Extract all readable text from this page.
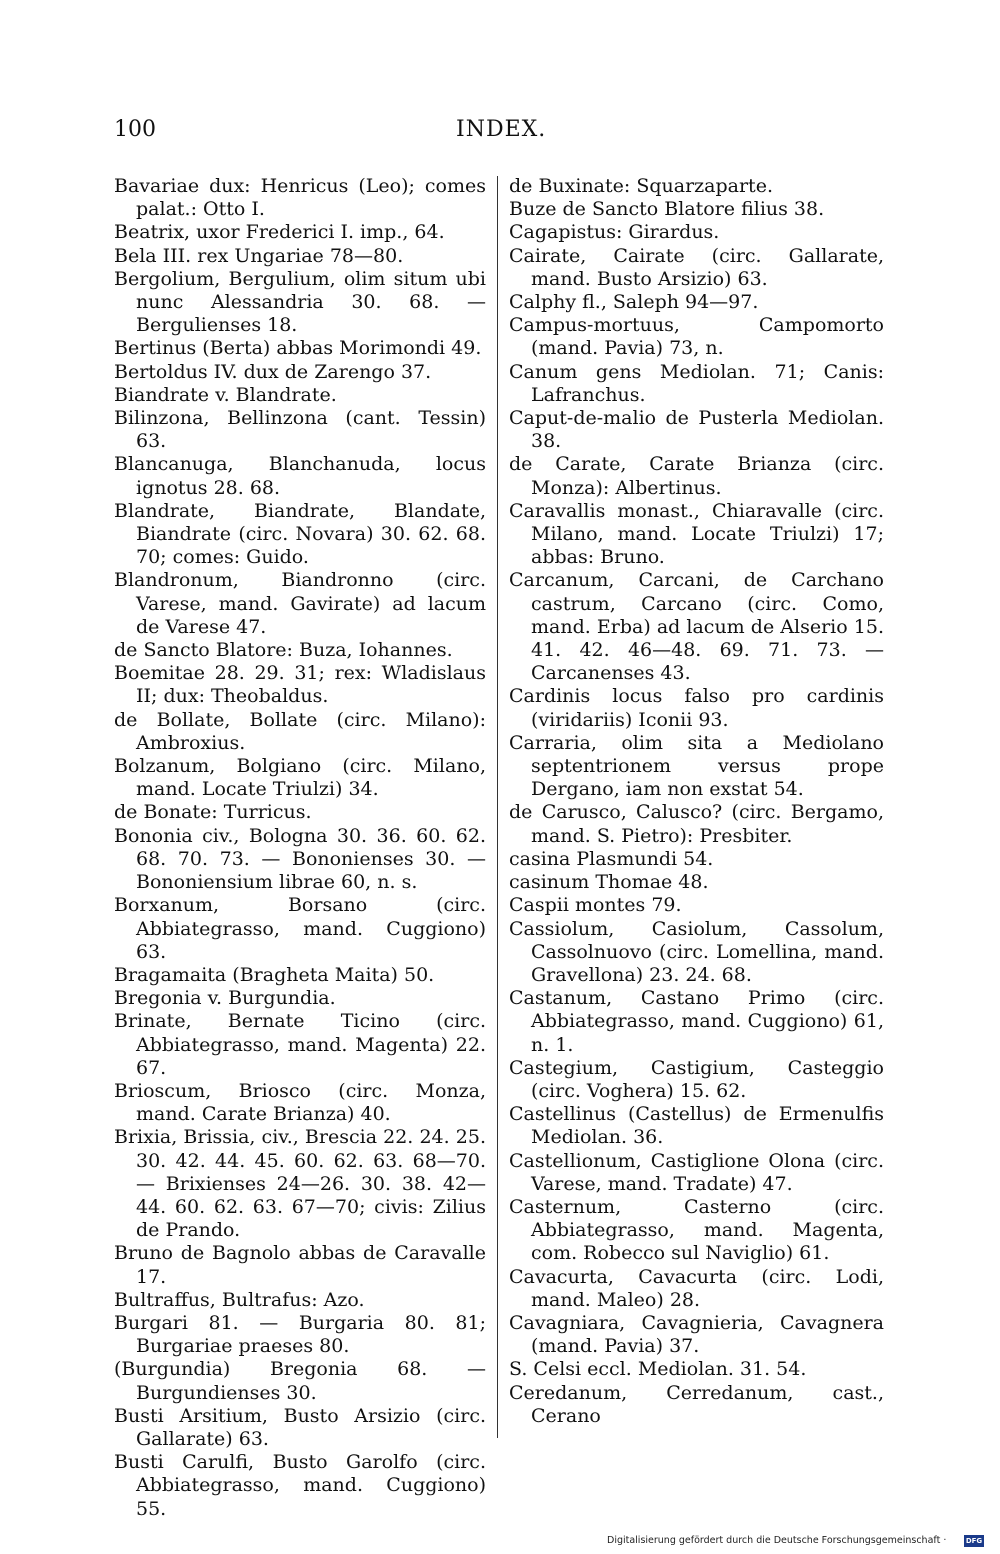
100	INDEX.
Bavariae dux: Henricus (Leo); comes palat.: Otto I.
Beatrix, uxor Frederici I. imp., 64.
Bela III. rex Ungariae 78—80.
Bergolium, Bergulium, olim situm ubi nunc Alessandria 30. 68. — Bergulienses 18.
Bertinus (Berta) abbas Morimondi 49.
Bertoldus IV. dux de Zarengo 37.
Biandrate v. Blandrate.
Bilinzona, Bellinzona (cant. Tessin) 63.
Blancanuga, Blanchanuda, locus ignotus 28. 68.
Blandrate, Biandrate, Blandate, Biandrate (circ. Novara) 30. 62. 68. 70; comes: Guido.
Blandronum, Biandronno (circ. Varese, mand. Gavirate) ad lacum de Varese 47.
de Sancto Blatore: Buza, Iohannes.
Boemitae 28. 29. 31; rex: Wladislaus II; dux: Theobaldus.
de Bollate, Bollate (circ. Milano): Ambroxius.
Bolzanum, Bolgiano (circ. Milano, mand. Locate Triulzi) 34.
de Bonate: Turricus.
Bononia civ., Bologna 30. 36. 60. 62. 68. 70. 73. — Bononienses 30. — Bononiensium librae 60, n. s.
Borxanum, Borsano (circ. Abbiategrasso, mand. Cuggiono) 63.
Bragamaita (Bragheta Maita) 50.
Bregonia v. Burgundia.
Brinate, Bernate Ticino (circ. Abbiategrasso, mand. Magenta) 22. 67.
Brioscum, Briosco (circ. Monza, mand. Carate Brianza) 40.
Brixia, Brissia, civ., Brescia 22. 24. 25. 30. 42. 44. 45. 60. 62. 63. 68—70. — Brixienses 24—26. 30. 38. 42—44. 60. 62. 63. 67—70; civis: Zilius de Prando.
Bruno de Bagnolo abbas de Caravalle 17.
Bultraffus, Bultrafus: Azo.
Burgari 81. — Burgaria 80. 81; Burgariae praeses 80.
(Burgundia) Bregonia 68. — Burgundienses 30.
Busti Arsitium, Busto Arsizio (circ. Gallarate) 63.
Busti Carulfi, Busto Garolfo (circ. Abbiategrasso, mand. Cuggiono) 55.
de Buxinate: Squarzaparte.
Buze de Sancto Blatore filius 38.
Cagapistus: Girardus.
Cairate, Cairate (circ. Gallarate, mand. Busto Arsizio) 63.
Calphy fl., Saleph 94—97.
Campus-mortuus, Campomorto (mand. Pavia) 73, n.
Canum gens Mediolan. 71; Canis: Lafranchus.
Caput-de-malio de Pusterla Mediolan. 38.
de Carate, Carate Brianza (circ. Monza): Albertinus.
Caravallis monast., Chiaravalle (circ. Milano, mand. Locate Triulzi) 17; abbas: Bruno.
Carcanum, Carcani, de Carchano castrum, Carcano (circ. Como, mand. Erba) ad lacum de Alserio 15. 41. 42. 46—48. 69. 71. 73. — Carcanenses 43.
Cardinis locus falso pro cardinis (viridariis) Iconii 93.
Carraria, olim sita a Mediolano septentrionem versus prope Dergano, iam non exstat 54.
de Carusco, Calusco? (circ. Bergamo, mand. S. Pietro): Presbiter.
casina Plasmundi 54.
casinum Thomae 48.
Caspii montes 79.
Cassiolum, Casiolum, Cassolum, Cassolnuovo (circ. Lomellina, mand. Gravellona) 23. 24. 68.
Castanum, Castano Primo (circ. Abbiategrasso, mand. Cuggiono) 61, n. 1.
Castegium, Castigium, Casteggio (circ. Voghera) 15. 62.
Castellinus (Castellus) de Ermenulfis Mediolan. 36.
Castellionum, Castiglione Olona (circ. Varese, mand. Tradate) 47.
Casternum, Casterno (circ. Abbiategrasso, mand. Magenta, com. Robecco sul Naviglio) 61.
Cavacurta, Cavacurta (circ. Lodi, mand. Maleo) 28.
Cavagniara, Cavagnieria, Cavagnera (mand. Pavia) 37.
S. Celsi eccl. Mediolan. 31. 54.
Ceredanum, Cerredanum, cast., Cerano
Digitalisierung gefördert durch die Deutsche Forschungsgemeinschaft ·	DFG
